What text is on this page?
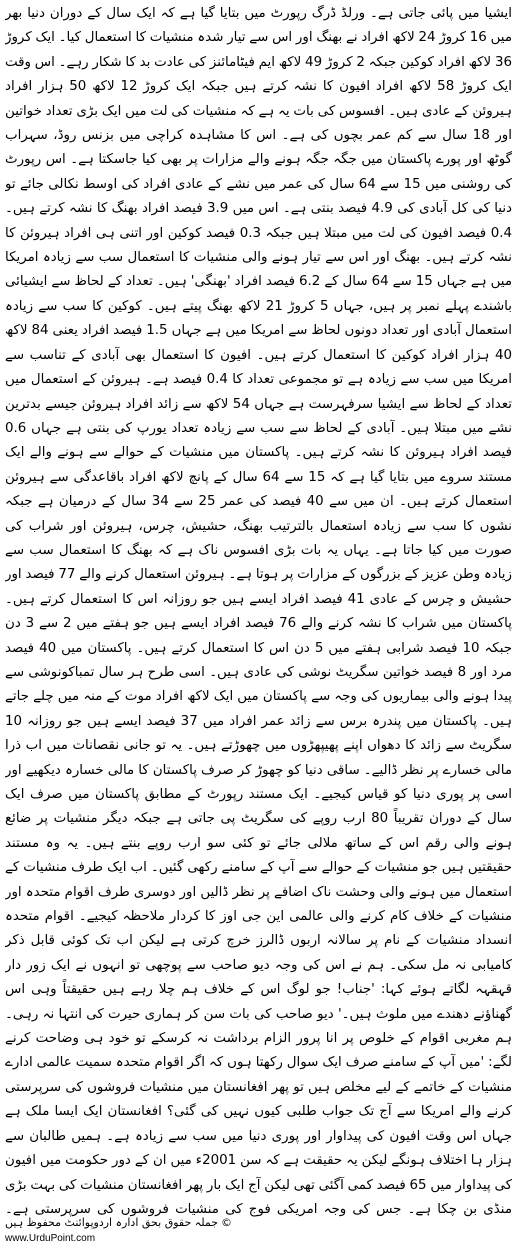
ایشیا میں پائی جاتی ہے۔ ورلڈ ڈرگ رپورٹ میں بتایا گیا ہے کہ ایک سال کے دوران دنیا بھر میں 16 کروڑ 24 لاکھ افراد نے بھنگ اور اس سے تیار شدہ منشیات کا استعمال کیا۔ ایک کروڑ 36 لاکھ افراد کوکین جبکہ 2 کروڑ 49 لاکھ ایم فیٹامائنز کی عادت بد کا شکار رہے۔ اس وقت ایک کروڑ 58 لاکھ افراد افیون کا نشہ کرتے ہیں جبکہ ایک کروڑ 12 لاکھ 50 ہزار افراد ہیروئن کے عادی ہیں۔ افسوس کی بات یہ ہے کہ منشیات کی لت میں ایک بڑی تعداد خواتین اور 18 سال سے کم عمر بچوں کی ہے۔ اس کا مشاہدہ کراچی میں بزنس روڈ، سہراب گوٹھ اور پورے پاکستان میں جگہ جگہ ہونے والے مزارات پر بھی کیا جاسکتا ہے۔ اس رپورٹ کی روشنی میں 15 سے 64 سال کی عمر میں نشے کے عادی افراد کی اوسط نکالی جائے تو دنیا کی کل آبادی کی 4.9 فیصد بنتی ہے۔ اس میں 3.9 فیصد افراد بھنگ کا نشہ کرتے ہیں۔ 0.4 فیصد افیون کی لت میں مبتلا ہیں جبکہ 0.3 فیصد کوکین اور اتنی ہی افراد ہیروئن کا نشہ کرتے ہیں۔ بھنگ اور اس سے تیار ہونے والی منشیات کا استعمال سب سے زیادہ امریکا میں ہے جہاں 15 سے 64 سال کے 6.2 فیصد افراد 'بھنگی' ہیں۔ تعداد کے لحاظ سے ایشیائی باشندے پہلے نمبر پر ہیں، جہاں 5 کروڑ 21 لاکھ بھنگ پیتے ہیں۔ کوکین کا سب سے زیادہ استعمال آبادی اور تعداد دونوں لحاظ سے امریکا میں ہے جہاں 1.5 فیصد افراد یعنی 84 لاکھ 40 ہزار افراد کوکین کا استعمال کرتے ہیں۔ افیون کا استعمال بھی آبادی کے تناسب سے امریکا میں سب سے زیادہ ہے تو مجموعی تعداد کا 0.4 فیصد ہے۔ ہیروئن کے استعمال میں تعداد کے لحاظ سے ایشیا سرفہرست ہے جہاں 54 لاکھ سے زائد افراد ہیروئن جیسے بدترین نشے میں مبتلا ہیں۔ آبادی کے لحاظ سے سب سے زیادہ تعداد یورپ کی بنتی ہے جہاں 0.6 فیصد افراد ہیروئن کا نشہ کرتے ہیں۔ پاکستان میں منشیات کے حوالے سے ہونے والے ایک مستند سروے میں بتایا گیا ہے کہ 15 سے 64 سال کے پانچ لاکھ افراد باقاعدگی سے ہیروئن استعمال کرتے ہیں۔ ان میں سے 40 فیصد کی عمر 25 سے 34 سال کے درمیان ہے جبکہ نشوں کا سب سے زیادہ استعمال بالترتیب بھنگ، حشیش، چرس، ہیروئن اور شراب کی صورت میں کیا جاتا ہے۔ یہاں یہ بات بڑی افسوس ناک ہے کہ بھنگ کا استعمال سب سے زیادہ وطن عزیز کے بزرگوں کے مزارات پر ہوتا ہے۔ ہیروئن استعمال کرنے والے 77 فیصد اور حشیش و چرس کے عادی 41 فیصد افراد ایسے ہیں جو روزانہ اس کا استعمال کرتے ہیں۔ پاکستان میں شراب کا نشہ کرنے والے 76 فیصد افراد ایسے ہیں جو ہفتے میں 2 سے 3 دن جبکہ 10 فیصد شرابی ہفتے میں 5 دن اس کا استعمال کرتے ہیں۔ پاکستان میں 40 فیصد مرد اور 8 فیصد خواتین سگریٹ نوشی کی عادی ہیں۔ اسی طرح ہر سال تمباکونوشی سے پیدا ہونے والی بیماریوں کی وجہ سے پاکستان میں ایک لاکھ افراد موت کے منہ میں چلے جاتے ہیں۔ پاکستان میں پندرہ برس سے زائد عمر افراد میں 37 فیصد ایسے ہیں جو روزانہ 10 سگریٹ سے زائد کا دھواں اپنے پھیپھڑوں میں چھوڑتے ہیں۔ یہ تو جانی نقصانات میں اب ذرا مالی خسارے پر نظر ڈالیے۔ ساقی دنیا کو چھوڑ کر صرف پاکستان کا مالی خسارہ دیکھیے اور اسی پر پوری دنیا کو قیاس کیجیے۔ ایک مستند رپورٹ کے مطابق پاکستان میں صرف ایک سال کے دوران تقریباً 80 ارب روپے کی سگریٹ پی جاتی ہے جبکہ دیگر منشیات پر ضائع ہونے والی رقم اس کے ساتھ ملالی جائے تو کئی سو ارب روپے بنتے ہیں۔ یہ وہ مستند حقیقتیں ہیں جو منشیات کے حوالے سے آپ کے سامنے رکھی گئیں۔ اب ایک طرف منشیات کے استعمال میں ہونے والی وحشت ناک اضافے پر نظر ڈالیں اور دوسری طرف اقوام متحدہ اور منشیات کے خلاف کام کرنے والی عالمی این جی اوز کا کردار ملاحظہ کیجیے۔ اقوام متحدہ انسداد منشیات کے نام پر سالانہ اربوں ڈالرز خرچ کرتی ہے لیکن اب تک کوئی قابل ذکر کامیابی نہ مل سکی۔ ہم نے اس کی وجہ دیو صاحب سے پوچھی تو انہوں نے ایک زور دار قہقہہ لگاتے ہوئے کہا: 'جناب! جو لوگ اس کے خلاف ہم چلا رہے ہیں حقیقتاً وہی اس گھناؤنے دھندے میں ملوث ہیں۔' دیو صاحب کی بات سن کر ہماری حیرت کی انتہا نہ رہی۔ ہم مغربی اقوام کے خلوص پر انا پرور الزام برداشت نہ کرسکے تو خود ہی وضاحت کرنے لگے: 'میں آپ کے سامنے صرف ایک سوال رکھتا ہوں کہ اگر اقوام متحدہ سمیت عالمی ادارے منشیات کے خاتمے کے لیے مخلص ہیں تو پھر افغانستان میں منشیات فروشوں کی سرپرستی کرنے والے امریکا سے آج تک جواب طلبی کیوں نہیں کی گئی؟ افغانستان ایک ایسا ملک ہے جہاں اس وقت افیون کی پیداوار اور پوری دنیا میں سب سے زیادہ ہے۔ ہمیں طالبان سے ہزار ہا اختلاف ہونگے لیکن یہ حقیقت ہے کہ سن 2001ء میں ان کے دور حکومت میں افیون کی پیداوار میں 65 فیصد کمی آگئی تھی لیکن آج ایک بار پھر افغانستان منشیات کی بہت بڑی منڈی بن چکا ہے۔ جس کی وجہ امریکی فوج کی منشیات فروشوں کی سرپرستی ہے۔
©جملہ حقوق بحق ادارہ اردوپوائنٹ محفوظ ہیں
www.UrduPoint.com
